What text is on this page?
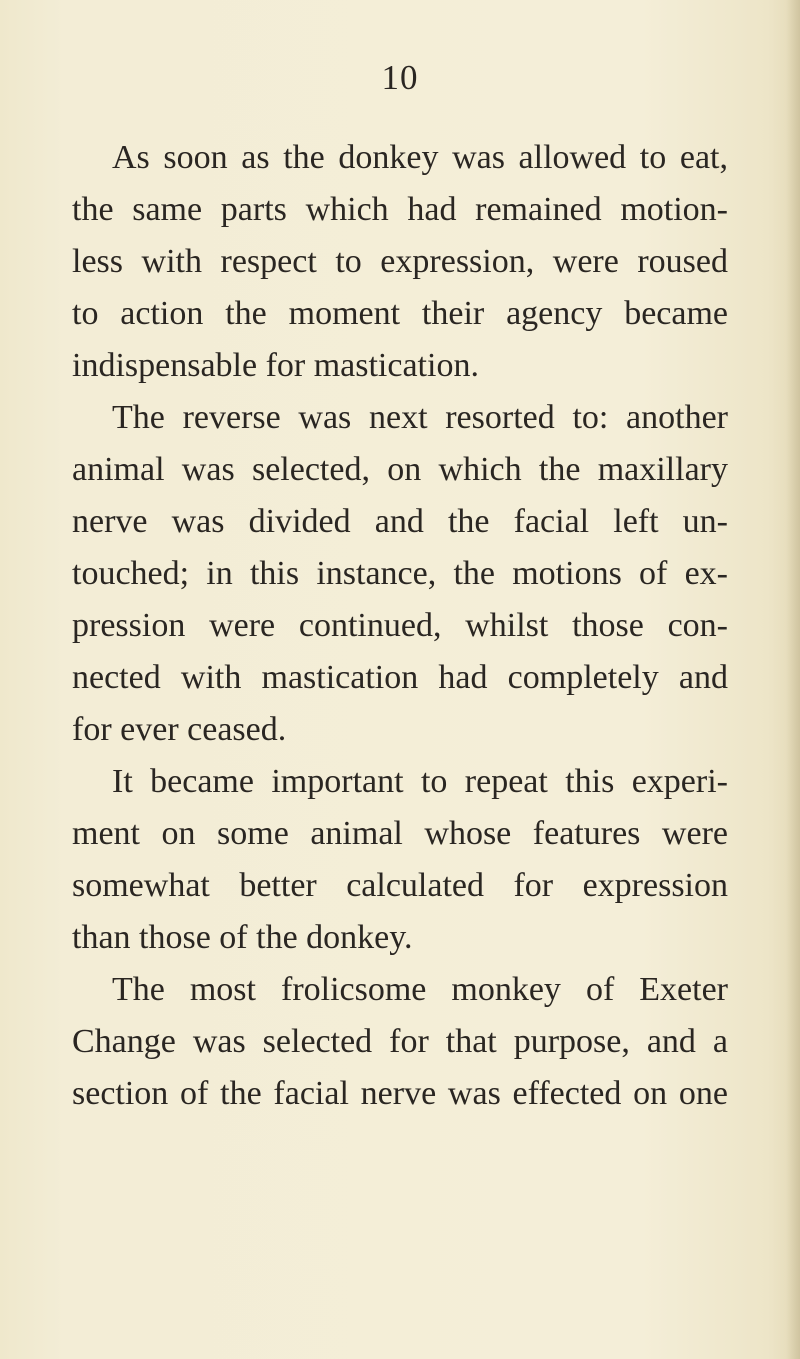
10
As soon as the donkey was allowed to eat,
the same parts which had remained motion-
less with respect to expression, were roused
to action the moment their agency became
indispensable for mastication.
The reverse was next resorted to: another
animal was selected, on which the maxillary
nerve was divided and the facial left un-
touched; in this instance, the motions of ex-
pression were continued, whilst those con-
nected with mastication had completely and
for ever ceased.
It became important to repeat this experi-
ment on some animal whose features were
somewhat better calculated for expression
than those of the donkey.
The most frolicsome monkey of Exeter
Change was selected for that purpose, and a
section of the facial nerve was effected on one
